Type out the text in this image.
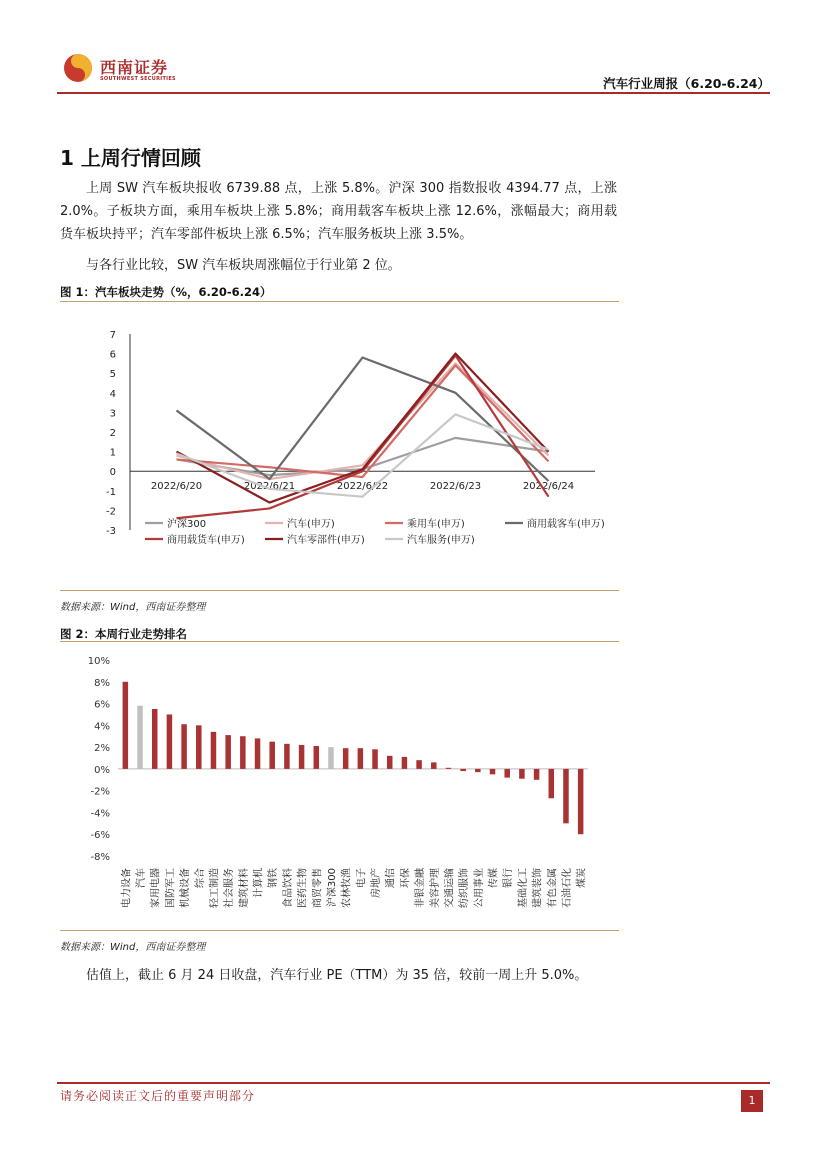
西南证券
SOUTHWEST SECURITIES	汽车行业周报（6.20-6.24）
1 上周行情回顾
上周 SW 汽车板块报收 6739.88 点，上涨 5.8%。沪深 300 指数报收 4394.77 点，上涨 2.0%。子板块方面，乘用车板块上涨 5.8%；商用载客车板块上涨 12.6%，涨幅最大；商用载货车板块持平；汽车零部件板块上涨 6.5%；汽车服务板块上涨 3.5%。
与各行业比较，SW 汽车板块周涨幅位于行业第 2 位。
图 1：汽车板块走势（%，6.20-6.24）
-3
-2
-1
0
1
2
3
4
5
6
7
2022/6/20	2022/6/21	2022/6/22	2022/6/23	2022/6/24
沪深300	汽车(申万)	乘用车(申万)	商用载客车(申万)
商用载货车(申万)	汽车零部件(申万)	汽车服务(申万)
数据来源：Wind，西南证券整理
图 2：本周行业走势排名
-8%
-6%
-4%
-2%
0%
2%
4%
6%
8%
10%
电力设备 汽车 家用电器 国防军工 机械设备 综合 轻工制造 社会服务 建筑材料 计算机 钢铁 食品饮料 医药生物 商贸零售 沪深300 农林牧渔 电子 房地产 通信 环保 非银金融 美容护理 交通运输 纺织服饰 公用事业 传媒 银行 基础化工 建筑装饰 有色金属 石油石化 煤炭
数据来源：Wind，西南证券整理
估值上，截止 6 月 24 日收盘，汽车行业 PE（TTM）为 35 倍，较前一周上升 5.0%。
请务必阅读正文后的重要声明部分	1
